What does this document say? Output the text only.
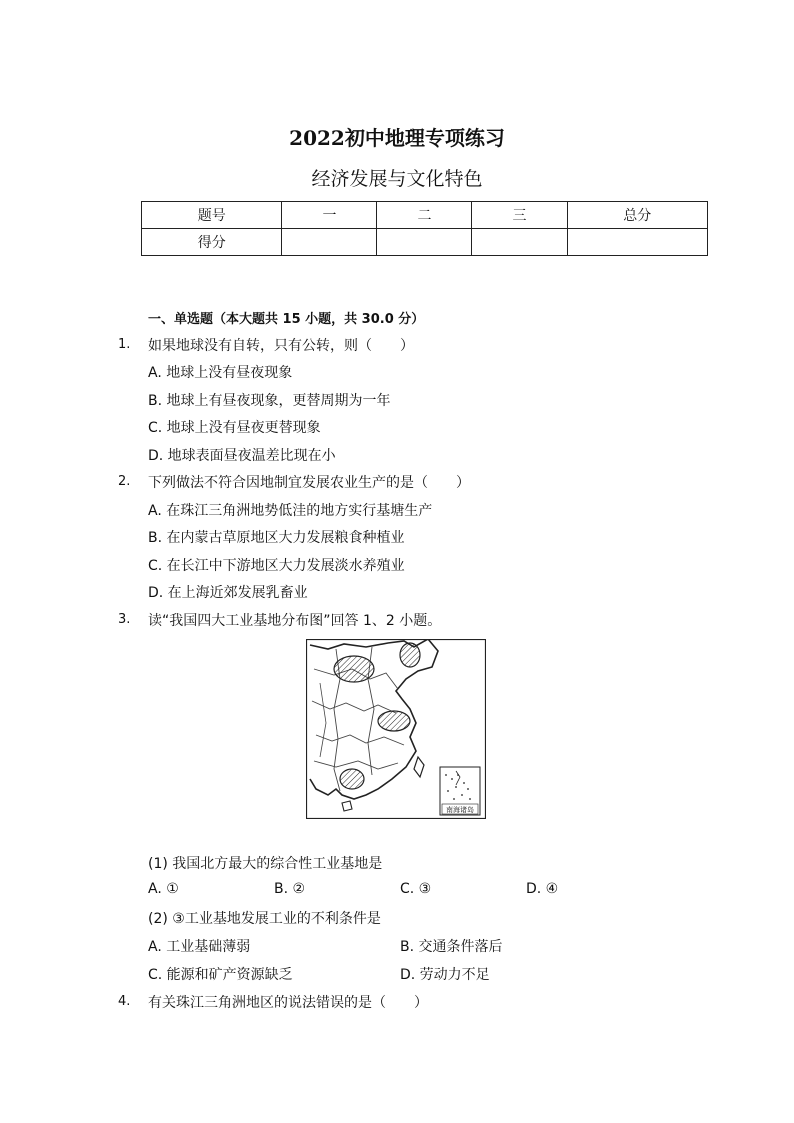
2022初中地理专项练习
经济发展与文化特色
题号	一	二	三	总分
得分				
一、单选题（本大题共 15 小题，共 30.0 分）
1. 如果地球没有自转，只有公转，则（　　）
A. 地球上没有昼夜现象
B. 地球上有昼夜现象，更替周期为一年
C. 地球上没有昼夜更替现象
D. 地球表面昼夜温差比现在小
2. 下列做法不符合因地制宜发展农业生产的是（　　）
A. 在珠江三角洲地势低洼的地方实行基塘生产
B. 在内蒙古草原地区大力发展粮食种植业
C. 在长江中下游地区大力发展淡水养殖业
D. 在上海近郊发展乳畜业
3. 读“我国四大工业基地分布图”回答 1、2 小题。
南海诸岛
(1) 我国北方最大的综合性工业基地是
A. ①	B. ②	C. ③	D. ④
(2) ③工业基地发展工业的不利条件是
A. 工业基础薄弱	B. 交通条件落后
C. 能源和矿产资源缺乏	D. 劳动力不足
4. 有关珠江三角洲地区的说法错误的是（　　）
